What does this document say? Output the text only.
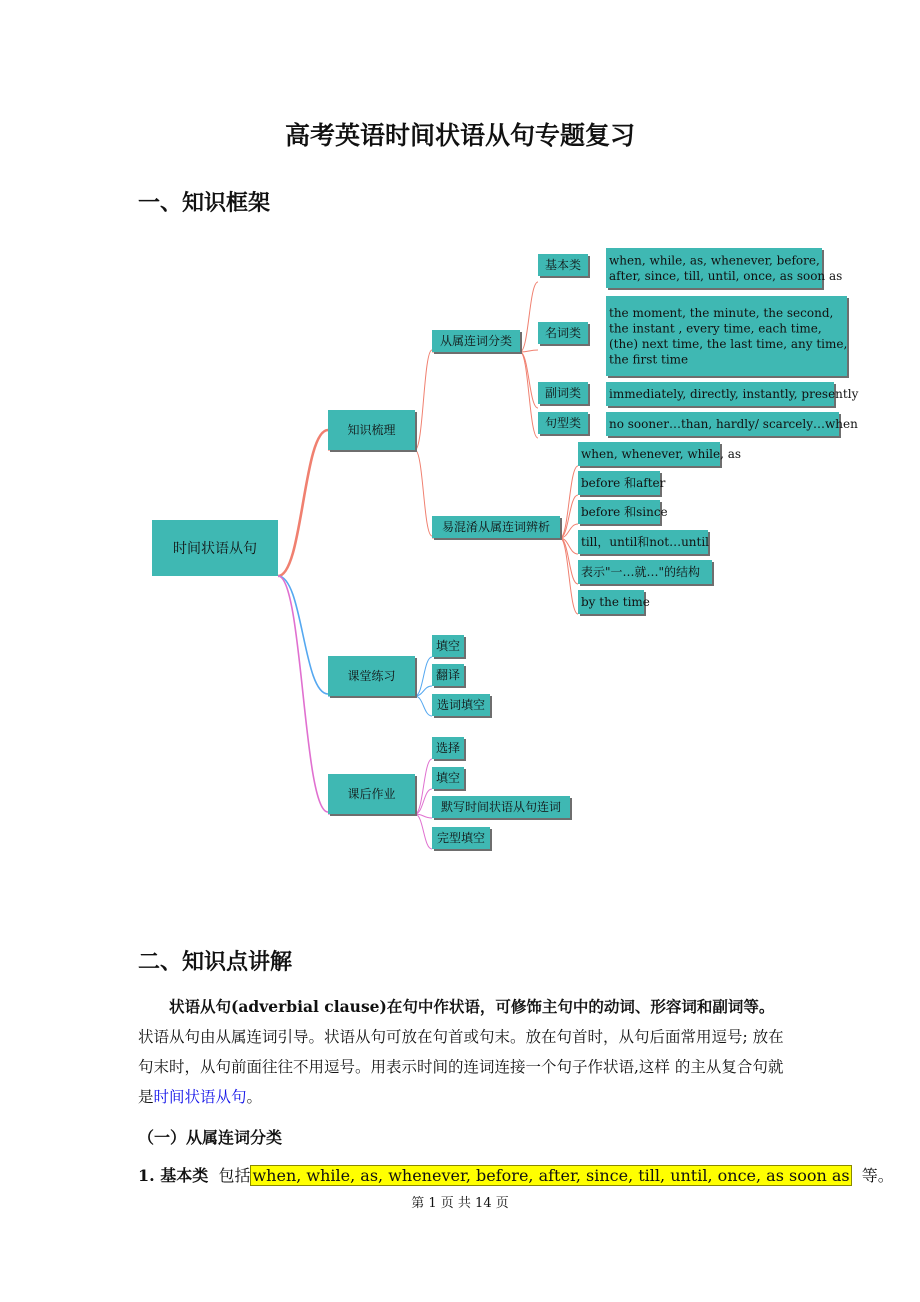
高考英语时间状语从句专题复习
一、知识框架
时间状语从句
知识梳理
从属连词分类
易混淆从属连词辨析
课堂练习
课后作业
基本类 when, while, as, whenever, before,
after, since, till, until, once, as soon as
名词类
the moment, the minute, the second,
the instant , every time, each time,
(the) next time, the last time, any time,
the first time
副词类 immediately, directly, instantly, presently
句型类 no sooner…than, hardly/ scarcely…when
when, whenever, while, as
before 和after
before 和since
till，until和not…until
表示"一…就…"的结构
by the time
填空
翻译
选词填空
选择
填空
默写时间状语从句连词
完型填空
二、知识点讲解

状语从句(adverbial clause)在句中作状语，可修饰主句中的动词、形容词和副词等。状语从句由从属连词引导。状语从句可放在句首或句末。放在句首时，从句后面常用逗号; 放在句末时，从句前面往往不用逗号。用表示时间的连词连接一个句子作状语,这样 的主从复合句就是时间状语从句。

（一）从属连词分类

1. 基本类 包括 when, while, as, whenever, before, after, since, till, until, once, as soon as 等。

第 1 页 共 14 页
